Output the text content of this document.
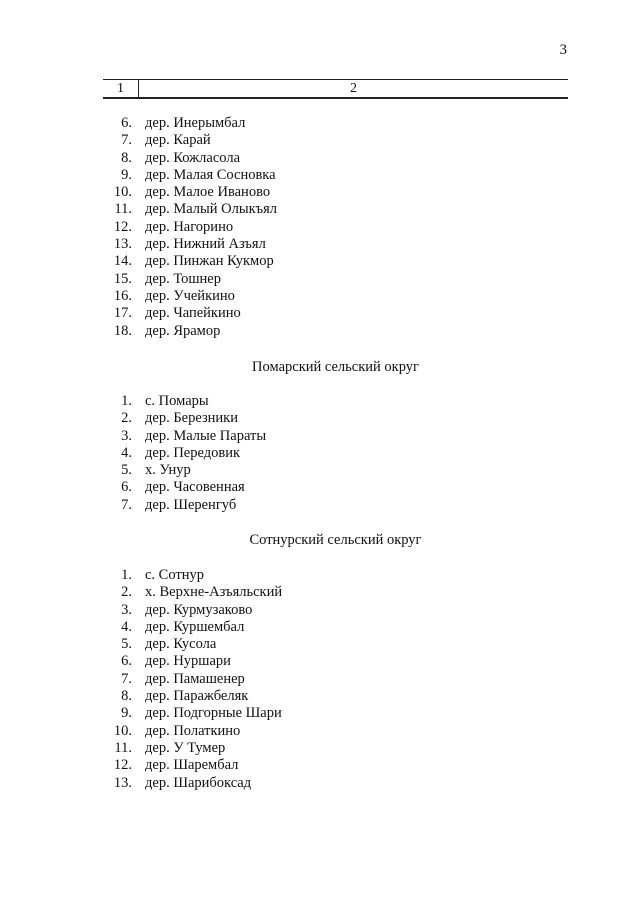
3
1	2
6. дер. Инерымбал
7. дер. Карай
8. дер. Кожласола
9. дер. Малая Сосновка
10. дер. Малое Иваново
11. дер. Малый Олыкъял
12. дер. Нагорино
13. дер. Нижний Азъял
14. дер. Пинжан Кукмор
15. дер. Тошнер
16. дер. Учейкино
17. дер. Чапейкино
18. дер. Ярамор
Помарский сельский округ
1. с. Помары
2. дер. Березники
3. дер. Малые Параты
4. дер. Передовик
5. х. Унур
6. дер. Часовенная
7. дер. Шеренгуб
Сотнурский сельский округ
1. с. Сотнур
2. х. Верхне-Азъяльский
3. дер. Курмузаково
4. дер. Куршембал
5. дер. Кусола
6. дер. Нуршари
7. дер. Памашенер
8. дер. Паражбеляк
9. дер. Подгорные Шари
10. дер. Полаткино
11. дер. У Тумер
12. дер. Шарембал
13. дер. Шарибоксад
